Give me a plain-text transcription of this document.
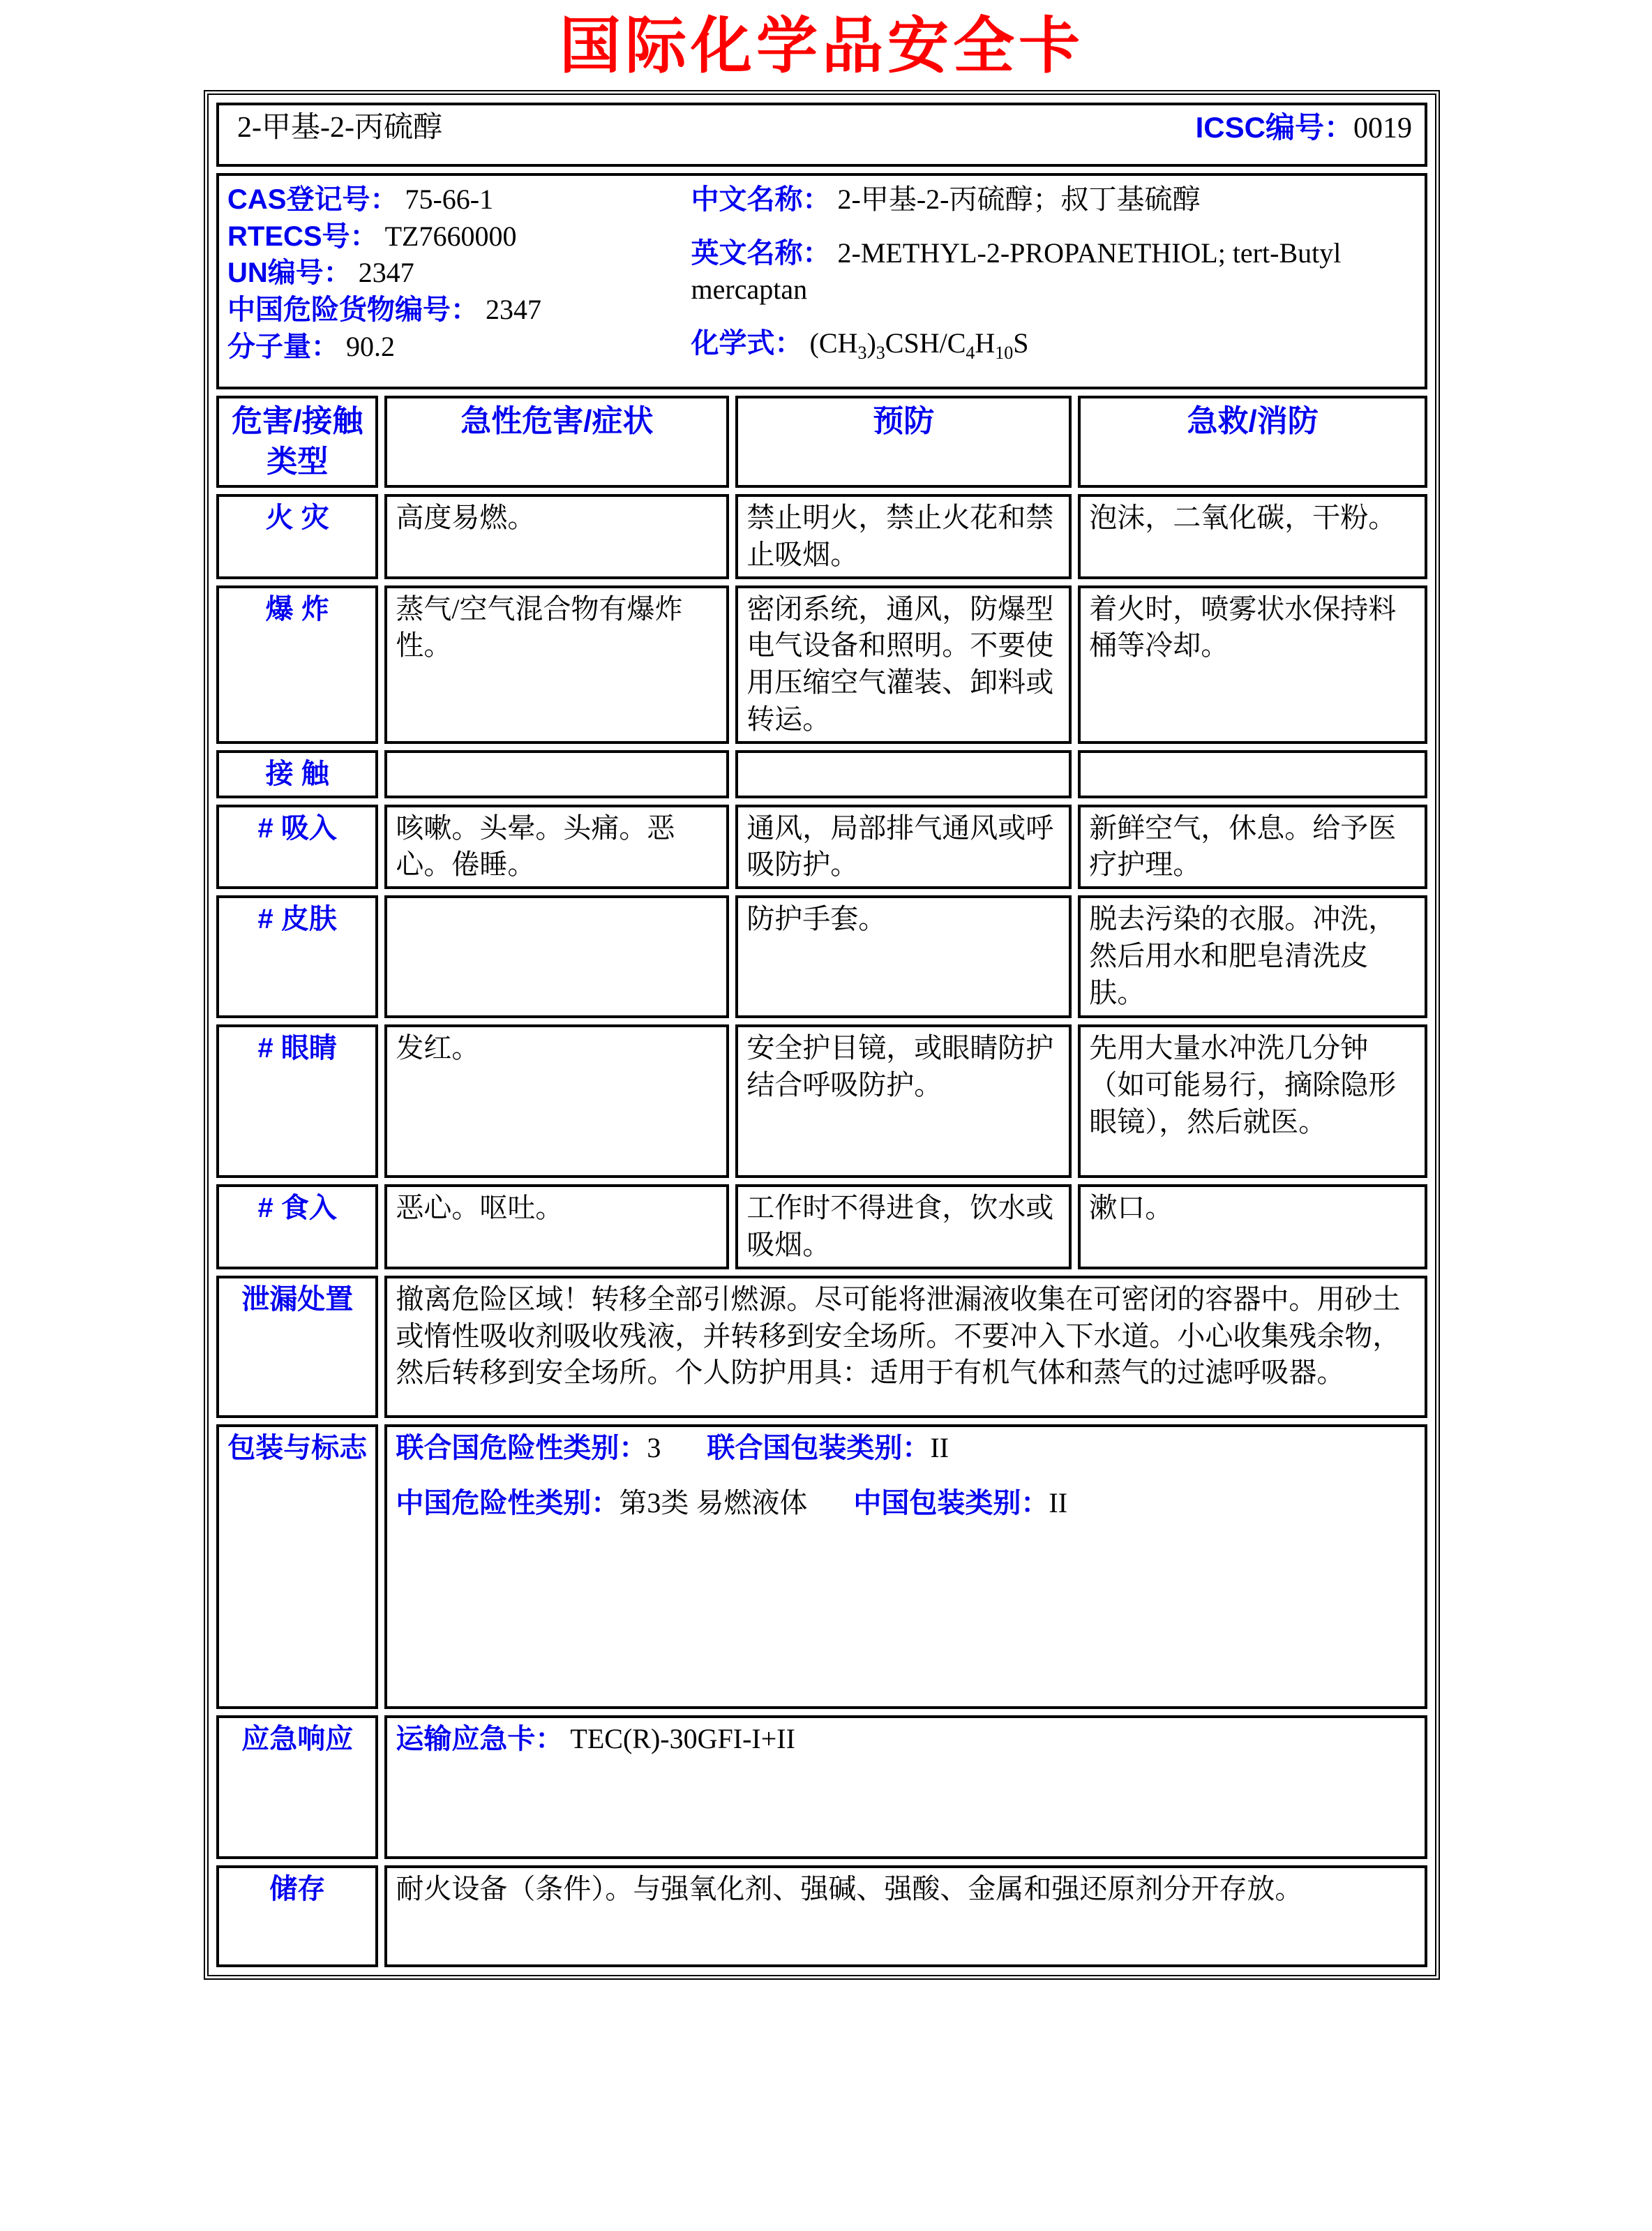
国际化学品安全卡
2-甲基-2-丙硫醇 ICSC编号：0019			

CAS登记号： 75-66-1
RTECS号： TZ7660000
UN编号： 2347
中国危险货物编号： 2347
分子量： 90.2
中文名称： 2-甲基-2-丙硫醇；叔丁基硫醇
英文名称： 2-METHYL-2-PROPANETHIOL; tert-Butyl mercaptan
化学式： $(CH_3)_3CSH/C_4H_{10}S$

危害/接触类型	急性危害/症状	预防	急救/消防
火 灾	高度易燃。	禁止明火，禁止火花和禁止吸烟。	泡沫，二氧化碳，干粉。
爆 炸	蒸气/空气混合物有爆炸性。	密闭系统，通风，防爆型电气设备和照明。不要使用压缩空气灌装、卸料或转运。	着火时，喷雾状水保持料桶等冷却。
接 触			
# 吸入	咳嗽。头晕。头痛。恶心。倦睡。	通风，局部排气通风或呼吸防护。	新鲜空气，休息。给予医疗护理。
# 皮肤		防护手套。	脱去污染的衣服。冲洗，然后用水和肥皂清洗皮肤。
# 眼睛	发红。	安全护目镜，或眼睛防护结合呼吸防护。	先用大量水冲洗几分钟（如可能易行，摘除隐形眼镜），然后就医。
# 食入	恶心。呕吐。	工作时不得进食，饮水或吸烟。	漱口。
泄漏处置	撤离危险区域！转移全部引燃源。尽可能将泄漏液收集在可密闭的容器中。用砂土或惰性吸收剂吸收残液，并转移到安全场所。不要冲入下水道。小心收集残余物，然后转移到安全场所。个人防护用具：适用于有机气体和蒸气的过滤呼吸器。		
包装与标志	联合国危险性类别：3 联合国包装类别：II
中国危险性类别：第3类 易燃液体 中国包装类别：II		

应急响应	运输应急卡： TEC(R)-30GFI-I+II		
储存	耐火设备（条件）。与强氧化剂、强碱、强酸、金属和强还原剂分开存放。		
